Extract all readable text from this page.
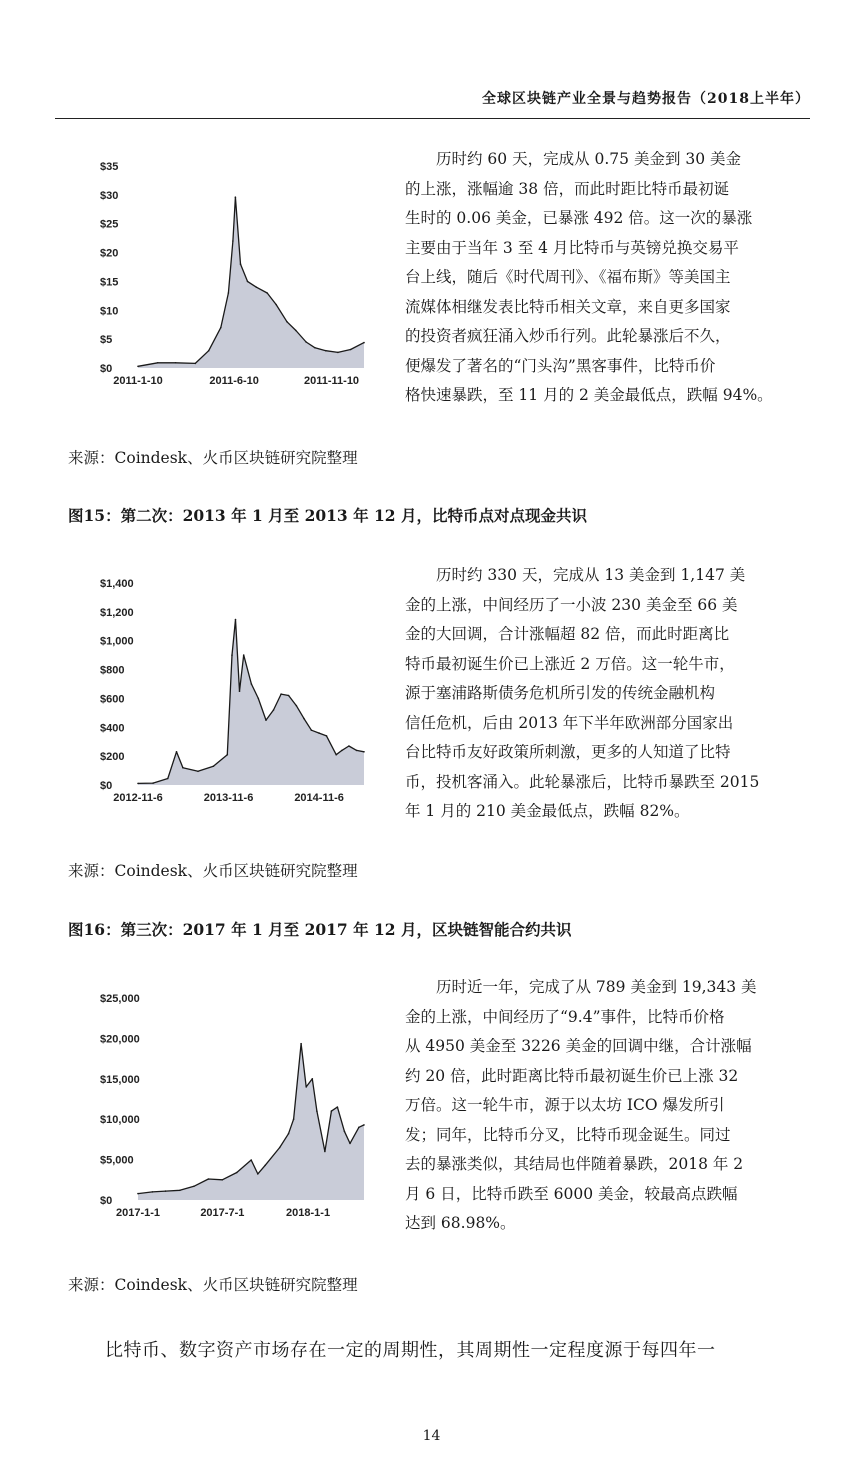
全球区块链产业全景与趋势报告（2018上半年）
$35
$30
$25
$20
$15
$10
$5
$0
2011-1-10	2011-6-10	2011-11-10

　　历时约 60 天，完成从 0.75 美金到 30 美金
的上涨，涨幅逾 38 倍，而此时距比特币最初诞
生时的 0.06 美金，已暴涨 492 倍。这一次的暴涨
主要由于当年 3 至 4 月比特币与英镑兑换交易平
台上线，随后《时代周刊》、《福布斯》等美国主
流媒体相继发表比特币相关文章，来自更多国家
的投资者疯狂涌入炒币行列。此轮暴涨后不久，
便爆发了著名的“门头沟”黑客事件，比特币价
格快速暴跌，至 11 月的 2 美金最低点，跌幅 94%。

来源：Coindesk、火币区块链研究院整理
图15：第二次：2013 年 1 月至 2013 年 12 月，比特币点对点现金共识
$1,400
$1,200
$1,000
$800
$600
$400
$200
$0
2012-11-6	2013-11-6	2014-11-6

　　历时约 330 天，完成从 13 美金到 1,147 美
金的上涨，中间经历了一小波 230 美金至 66 美
金的大回调，合计涨幅超 82 倍，而此时距离比
特币最初诞生价已上涨近 2 万倍。这一轮牛市，
源于塞浦路斯债务危机所引发的传统金融机构
信任危机，后由 2013 年下半年欧洲部分国家出
台比特币友好政策所刺激，更多的人知道了比特
币，投机客涌入。此轮暴涨后，比特币暴跌至 2015
年 1 月的 210 美金最低点，跌幅 82%。

来源：Coindesk、火币区块链研究院整理
图16：第三次：2017 年 1 月至 2017 年 12 月，区块链智能合约共识
$25,000
$20,000
$15,000
$10,000
$5,000
$0
2017-1-1	2017-7-1	2018-1-1

　　历时近一年，完成了从 789 美金到 19,343 美
金的上涨，中间经历了“9.4”事件，比特币价格
从 4950 美金至 3226 美金的回调中继，合计涨幅
约 20 倍，此时距离比特币最初诞生价已上涨 32
万倍。这一轮牛市，源于以太坊 ICO 爆发所引
发；同年，比特币分叉，比特币现金诞生。同过
去的暴涨类似，其结局也伴随着暴跌，2018 年 2
月 6 日，比特币跌至 6000 美金，较最高点跌幅
达到 68.98%。

来源：Coindesk、火币区块链研究院整理
比特币、数字资产市场存在一定的周期性，其周期性一定程度源于每四年一
14
